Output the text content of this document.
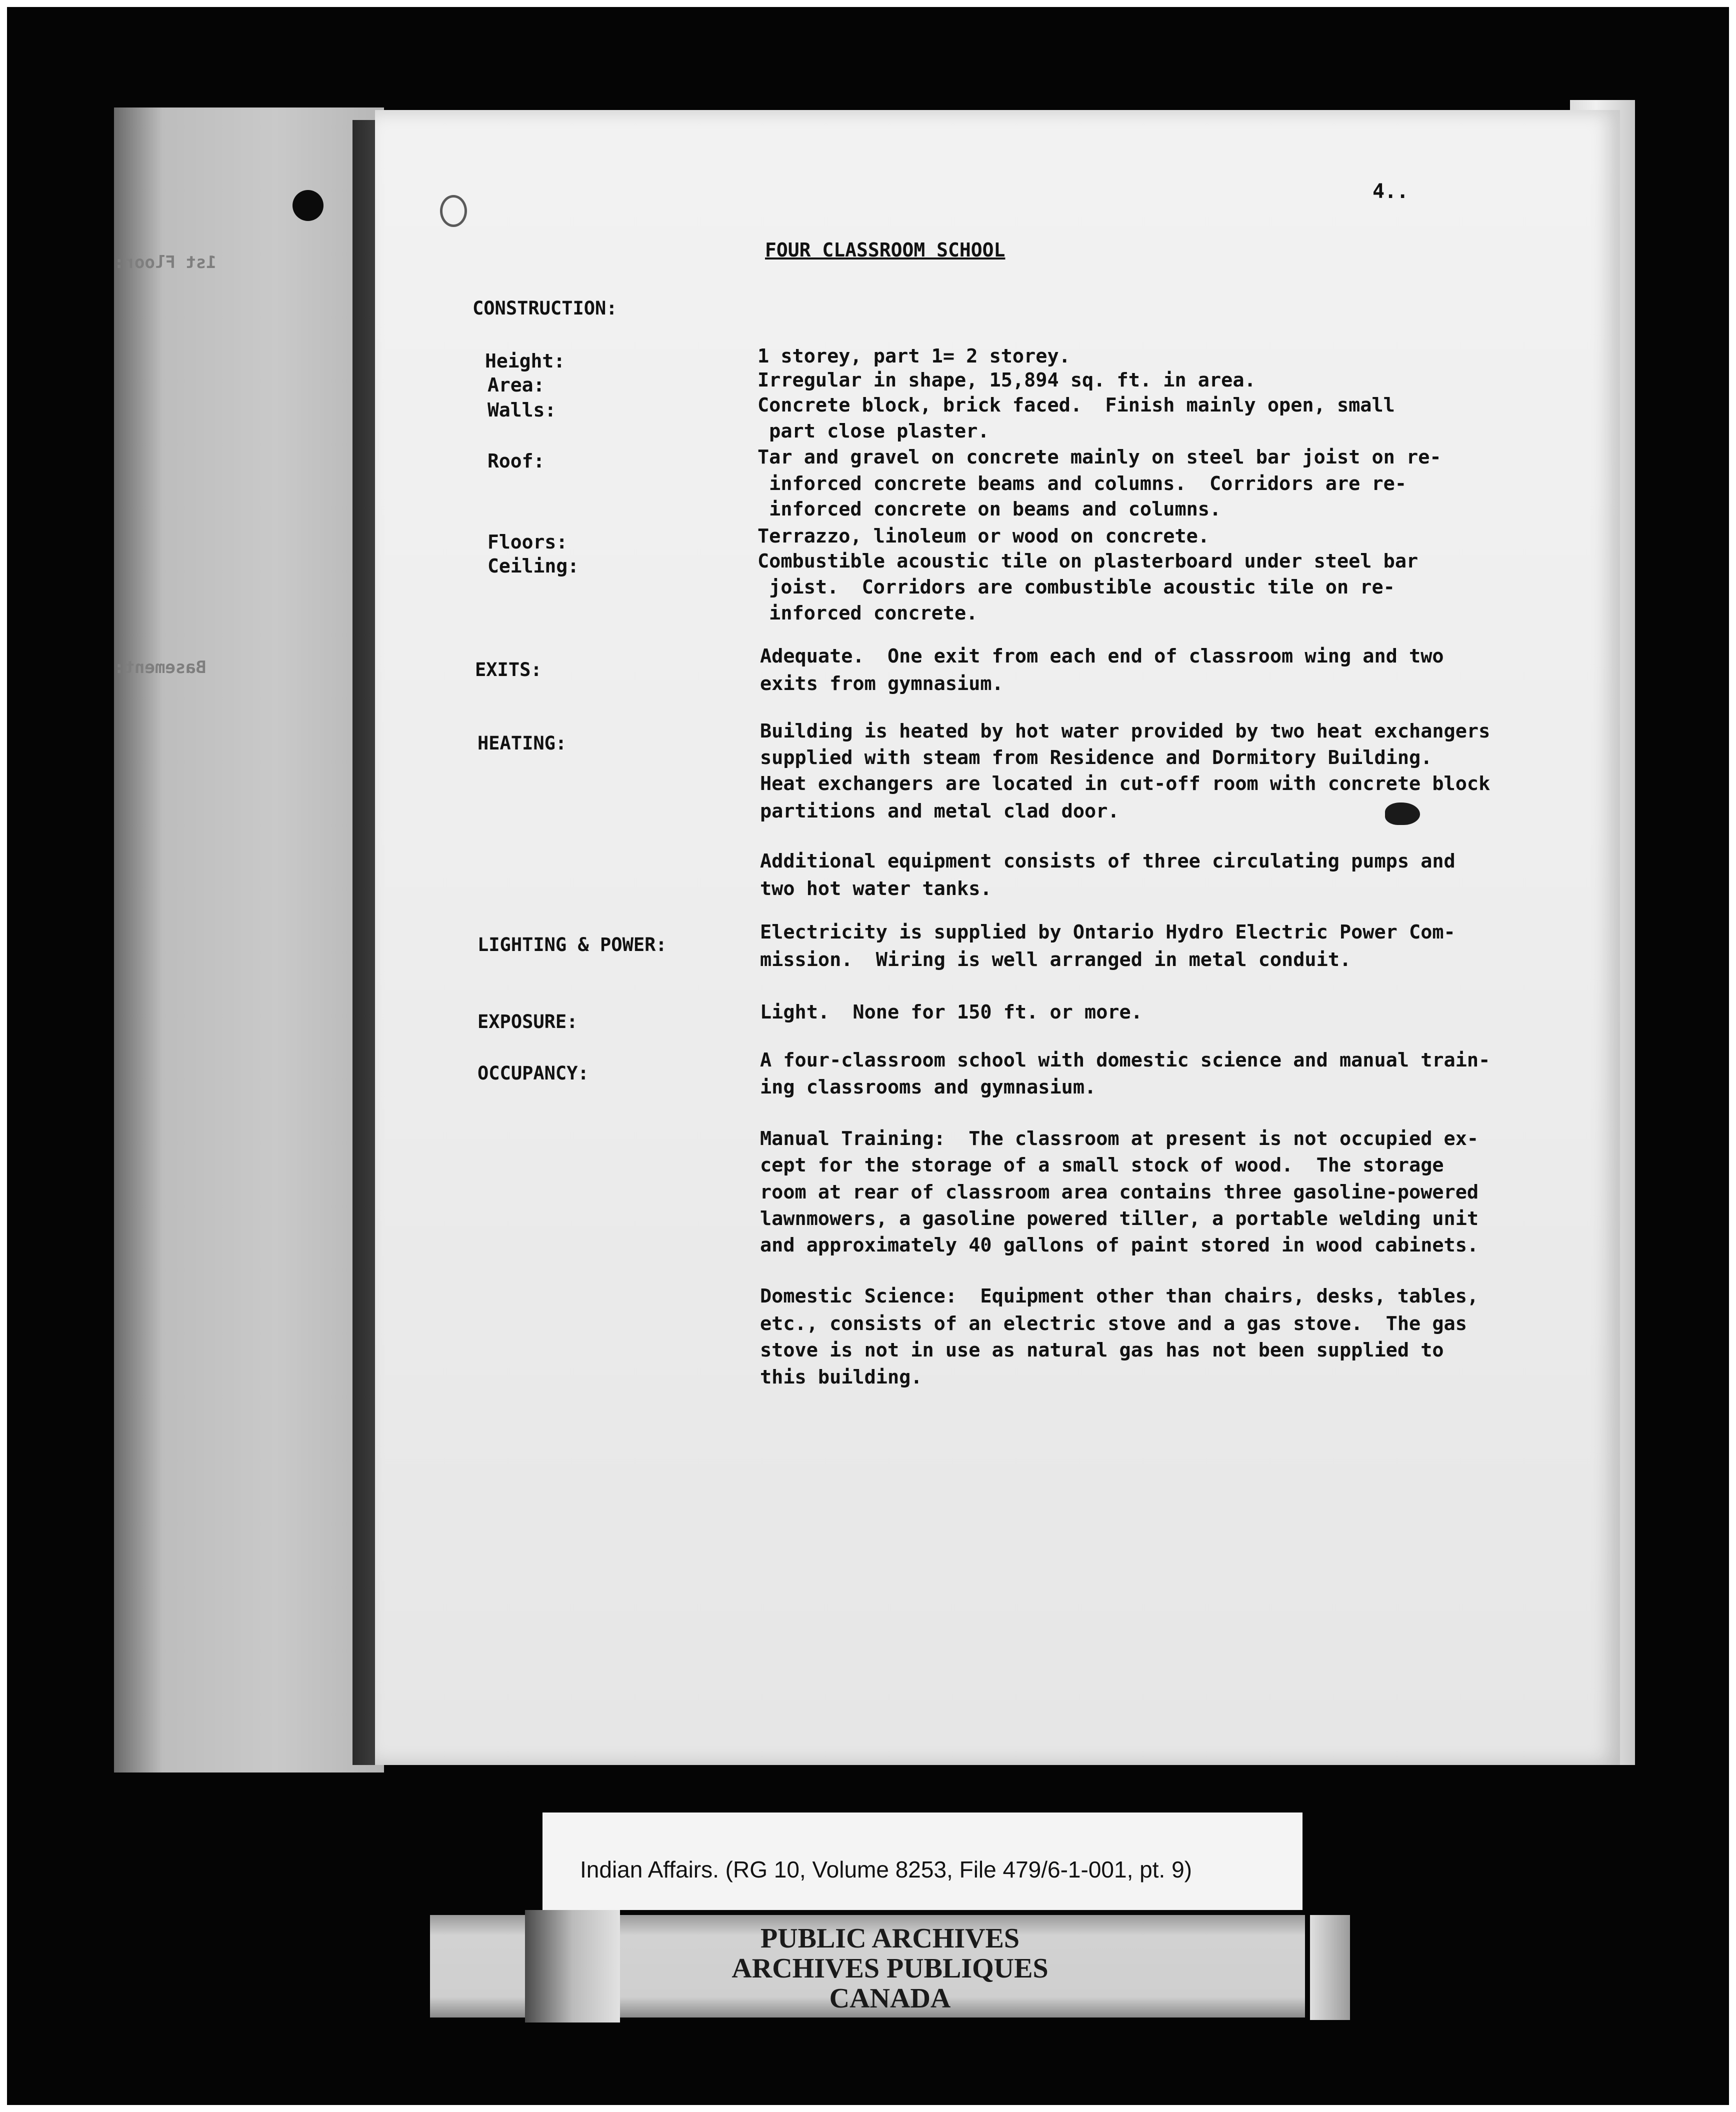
1st Floor:
Basement:
4..
FOUR CLASSROOM SCHOOL
CONSTRUCTION:
Height:	1 storey, part 1= 2 storey.
Area:	Irregular in shape, 15,894 sq. ft. in area.
Walls:	Concrete block, brick faced.  Finish mainly open, small
part close plaster.
Roof:	Tar and gravel on concrete mainly on steel bar joist on re-
inforced concrete beams and columns.  Corridors are re-
inforced concrete on beams and columns.
Floors:	Terrazzo, linoleum or wood on concrete.
Ceiling:	Combustible acoustic tile on plasterboard under steel bar
joist.  Corridors are combustible acoustic tile on re-
inforced concrete.
EXITS:
Adequate.  One exit from each end of classroom wing and two
exits from gymnasium.
HEATING:
Building is heated by hot water provided by two heat exchangers
supplied with steam from Residence and Dormitory Building.
Heat exchangers are located in cut-off room with concrete block
partitions and metal clad door.
Additional equipment consists of three circulating pumps and
two hot water tanks.
LIGHTING & POWER:
Electricity is supplied by Ontario Hydro Electric Power Com-
mission.  Wiring is well arranged in metal conduit.
EXPOSURE:	Light.  None for 150 ft. or more.
OCCUPANCY:
A four-classroom school with domestic science and manual train-
ing classrooms and gymnasium.
Manual Training:  The classroom at present is not occupied ex-
cept for the storage of a small stock of wood.  The storage
room at rear of classroom area contains three gasoline-powered
lawnmowers, a gasoline powered tiller, a portable welding unit
and approximately 40 gallons of paint stored in wood cabinets.
Domestic Science:  Equipment other than chairs, desks, tables,
etc., consists of an electric stove and a gas stove.  The gas
stove is not in use as natural gas has not been supplied to
this building.
Indian Affairs. (RG 10, Volume 8253, File 479/6-1-001, pt. 9)
PUBLIC ARCHIVES
ARCHIVES PUBLIQUES
CANADA
